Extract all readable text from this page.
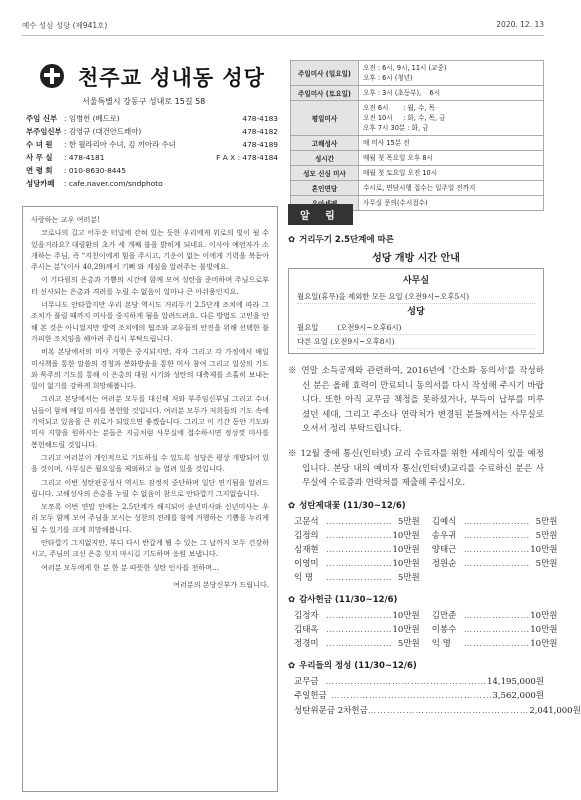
예수 성심 성당 (제941호)	2020. 12. 13
천주교 성내동 성당
서울특별시 강동구 성내로 15길 58
주임 신부 : 임병헌 (베드로)	478-4183
부주임신부 : 김영규 (대건안드레아)	478-4182
수 녀 원	: 한 월라리아 수녀, 김 끼아라 수녀	478-4189
사 무 실	: 478-4181	F A X : 478-4184
연 령 회	: 010-8630-8445
성당카페	: cafe.naver.com/sndphoto
주일미사 (일요일)	오전 : 6시, 9시, 11시 (교중)
오후 : 6시 (청년)

주일미사 (토요일)	오후 : 3시 (초등부),    6시

평일미사	오전 6시       : 월, 수, 목
오전 10시     : 화, 수, 목, 금
오후 7시 30분 : 화, 금

고해성사	매 미사 15분 전
성시간	매월 첫 목요일 오후 8시
성모 신심 미사	매월 첫 토요일 오전 10시
혼인면담	수시로, 면담시행 접수는 일주일 전까지
	사무실 문의(수시접수)

사랑하는 교우 여러분!

코로나의 길고 어두운 터널에 갇혀 있는 듯한 우리에게 위로의 빛이 될 수 있을거라요? 대림환의 초가 세 개째 불을 밝히게 되네요. 이사야 예언자가 소개하는 주님, 즉 "지친이에게 힘을 주시고, 기운이 없는 이에게 기력을 북돋아주시는 분"(이사 40,29)께서 기뻐 와 계심을 알려주는 불빛에요.

이 기다림의 은총과 기쁨의 시간에 함께 모여 성탄을 준비하며 주님으로부터 선사되는 은총과 격려를 누릴 수 없음이 얼마나 큰 아쉬움인지요.

너무나도 안타깝지만 우리 본당 역시도 거리두기 2.5단계 조치에 따라 그 조치가 풀릴 때까지 미사를 중지하게 됨을 알려드려요. 다른 방법도 고민을 안해 본 것은 아니었지만 방역 조치에의 협조와 교우들의 안전을 위해 선택한 불가피한 조치임을 헤아려 주십시 부탁드립니다.

비록 본당에서의 미사 거행은 중지되지만, 각자 그리고 각 가정에서 매일 미사책을 통한 말씀의 경청과 봉화방송을 통한 미사 참여 그리고 일상의 기도와 묵주의 기도를 통해 이 은총의 대림 시기와 성탄의 대축제를 소홀히 보내는 일이 없기를 강하게 희망해봅니다.

그리고 본당에서는 여러분 모두를 대신해 저와 부주임신부님 그리고 수녀님들이 함께 매일 미사를 봉헌할 것입니다. 여러분 모두가 저희들의 기도 속에 기억되고 있음을 큰 위로가 되었으면 좋겠습니다. 그리고 이 기간 동안 기도와 미사 지향을 원하시는 분들은 지금처럼 사무실에 접수하시면 정성껏 미사를 봉헌해드릴 것입니다.

그리고 여러분이 개인적으로 기도하실 수 있도록 성당은 평상 개방되어 있을 것이며, 사무실은 월요일을 제외하고 늘 열려 있을 것입니다.

그리고 이번 성탄판공성사 역시도 잠정적 중단하며 일단 연기됨을 알려드립니다. 고해성사의 은총을 누릴 수 없음이 참으로 안타깝기 그지없습니다.

모쪼록 이번 연말 안에는 2.5단계가 해지되어 송년미사와 신년미사는 우리 모두 함께 모여 주님을 모시는 성찬의 전례를 함께 거행하는 기쁨을 누리게 될 수 있기를 크게 희망해봅니다.

안타깝기 그지없지만, 부디 다시 반갑게 뵐 수 있는 그 날까지 모두 건강하시고, 주님의 크신 은총 잊지 마시길 기도하며 응원 보냅니다.

여러분 모두에게 한 분 한 분 따뜻한 성탄 인사를 전하며…

여러분의 본당신부가 드립니다.

알 림
✿ 거리두기 2.5단계에 따른
성당 개방 시간 안내
사무실
월요일(휴무)을 제외한 모든 요일 (오전9시~오후5시)
성당
월요일        (오전9시~오후6시)
다른 요일 (오전9시~오후8시)
※ 연말 소득공제와 관련하여, 2016년에 '간소화 동의서'를 작성하신 분은 올해 효력이 만료되니 동의서를 다시 작성해 주시기 바랍니다. 또한 아직 교무금 책정을 못하셨거나, 부득이 납부를 미루셨던 세대, 그리고 주소나 연락처가 변경된 분들께서는 사무실로 오셔서 정리 부탁드립니다.
※ 12월 중에 통신(인터넷) 교리 수료자를 위한 세례식이 있을 예정입니다. 본당 내의 예비자 통신(인터넷)교리를 수료하신 분은 사무실에 수료증과 연락처를 제출해 주십시오.
✿ 성탄제대꽃 (11/30~12/6)
고문석 ………………… 5만원 김예식 ………………… 5만원
김정의 ………………… 10만원 송우귀 ………………… 5만원
심재현 ………………… 10만원 양태근 ………………… 10만원
이영미 ………………… 10만원 정원순 ………………… 5만원
익 명	………………… 5만원
✿ 감사헌금 (11/30~12/6)
김정자 ………………… 10만원 김만준 ………………… 10만원
김태옥 ………………… 10만원 이봉수 ………………… 10만원
정경미 ………………… 5만원 익 명	………………… 10만원
✿ 우리들의 정성 (11/30~12/6)
교무금 …………………………………………… 14,195,000원
주일헌금 …………………………………………… 3,562,000원
성탄위문금 2차헌금 …………………………………………… 2,041,000원
